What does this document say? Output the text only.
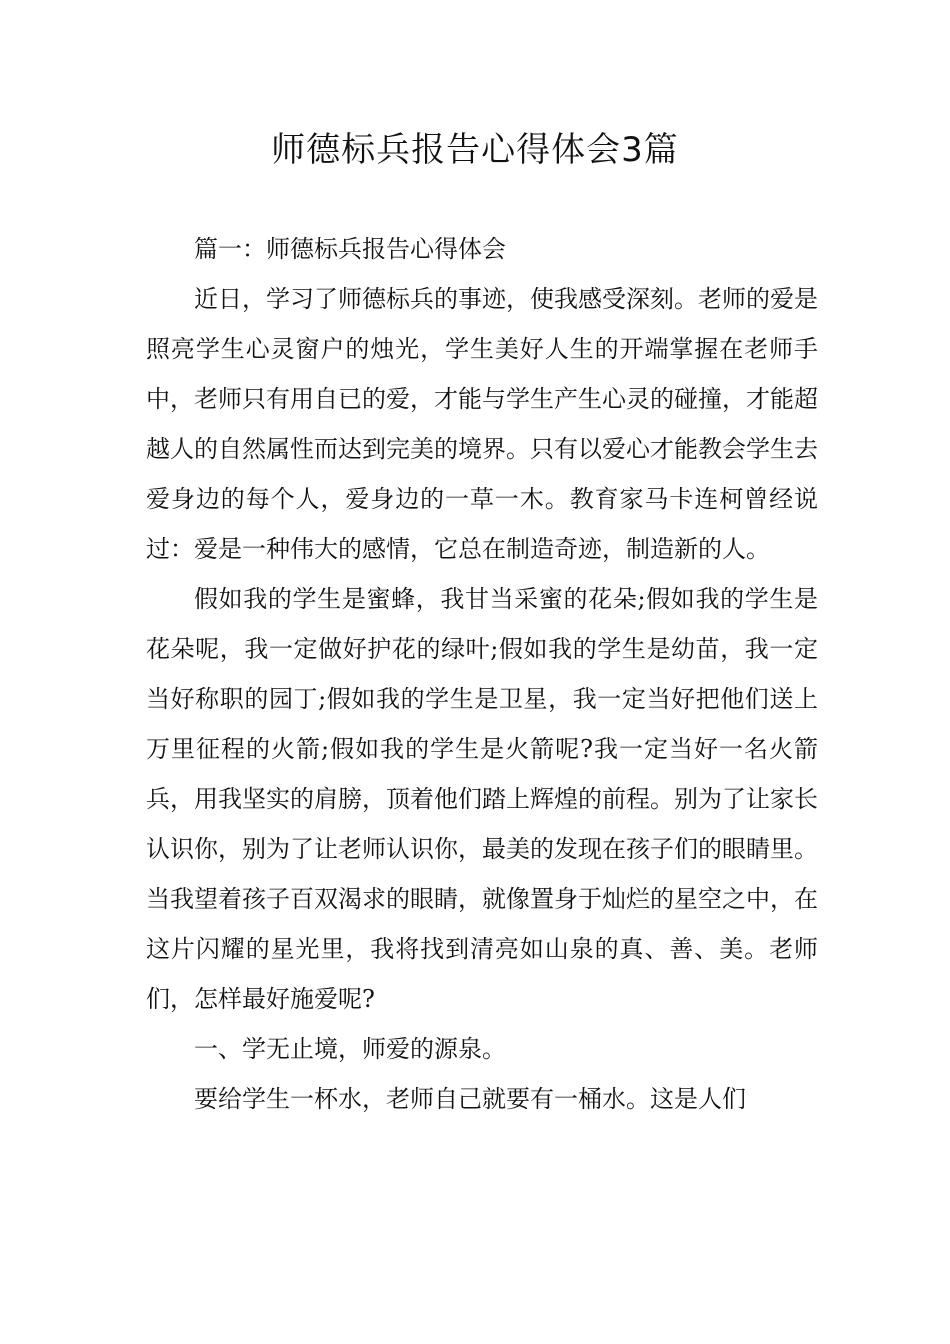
师德标兵报告心得体会3篇

篇一：师德标兵报告心得体会

近日，学习了师德标兵的事迹，使我感受深刻。老师的爱是照亮学生心灵窗户的烛光，学生美好人生的开端掌握在老师手中，老师只有用自已的爱，才能与学生产生心灵的碰撞，才能超越人的自然属性而达到完美的境界。只有以爱心才能教会学生去爱身边的每个人，爱身边的一草一木。教育家马卡连柯曾经说过：爱是一种伟大的感情，它总在制造奇迹，制造新的人。

假如我的学生是蜜蜂，我甘当采蜜的花朵;假如我的学生是花朵呢，我一定做好护花的绿叶;假如我的学生是幼苗，我一定当好称职的园丁;假如我的学生是卫星，我一定当好把他们送上万里征程的火箭;假如我的学生是火箭呢?我一定当好一名火箭兵，用我坚实的肩膀，顶着他们踏上辉煌的前程。别为了让家长认识你，别为了让老师认识你，最美的发现在孩子们的眼睛里。当我望着孩子百双渴求的眼睛，就像置身于灿烂的星空之中，在这片闪耀的星光里，我将找到清亮如山泉的真、善、美。老师们，怎样最好施爱呢?

一、学无止境，师爱的源泉。

要给学生一杯水，老师自己就要有一桶水。这是人们
